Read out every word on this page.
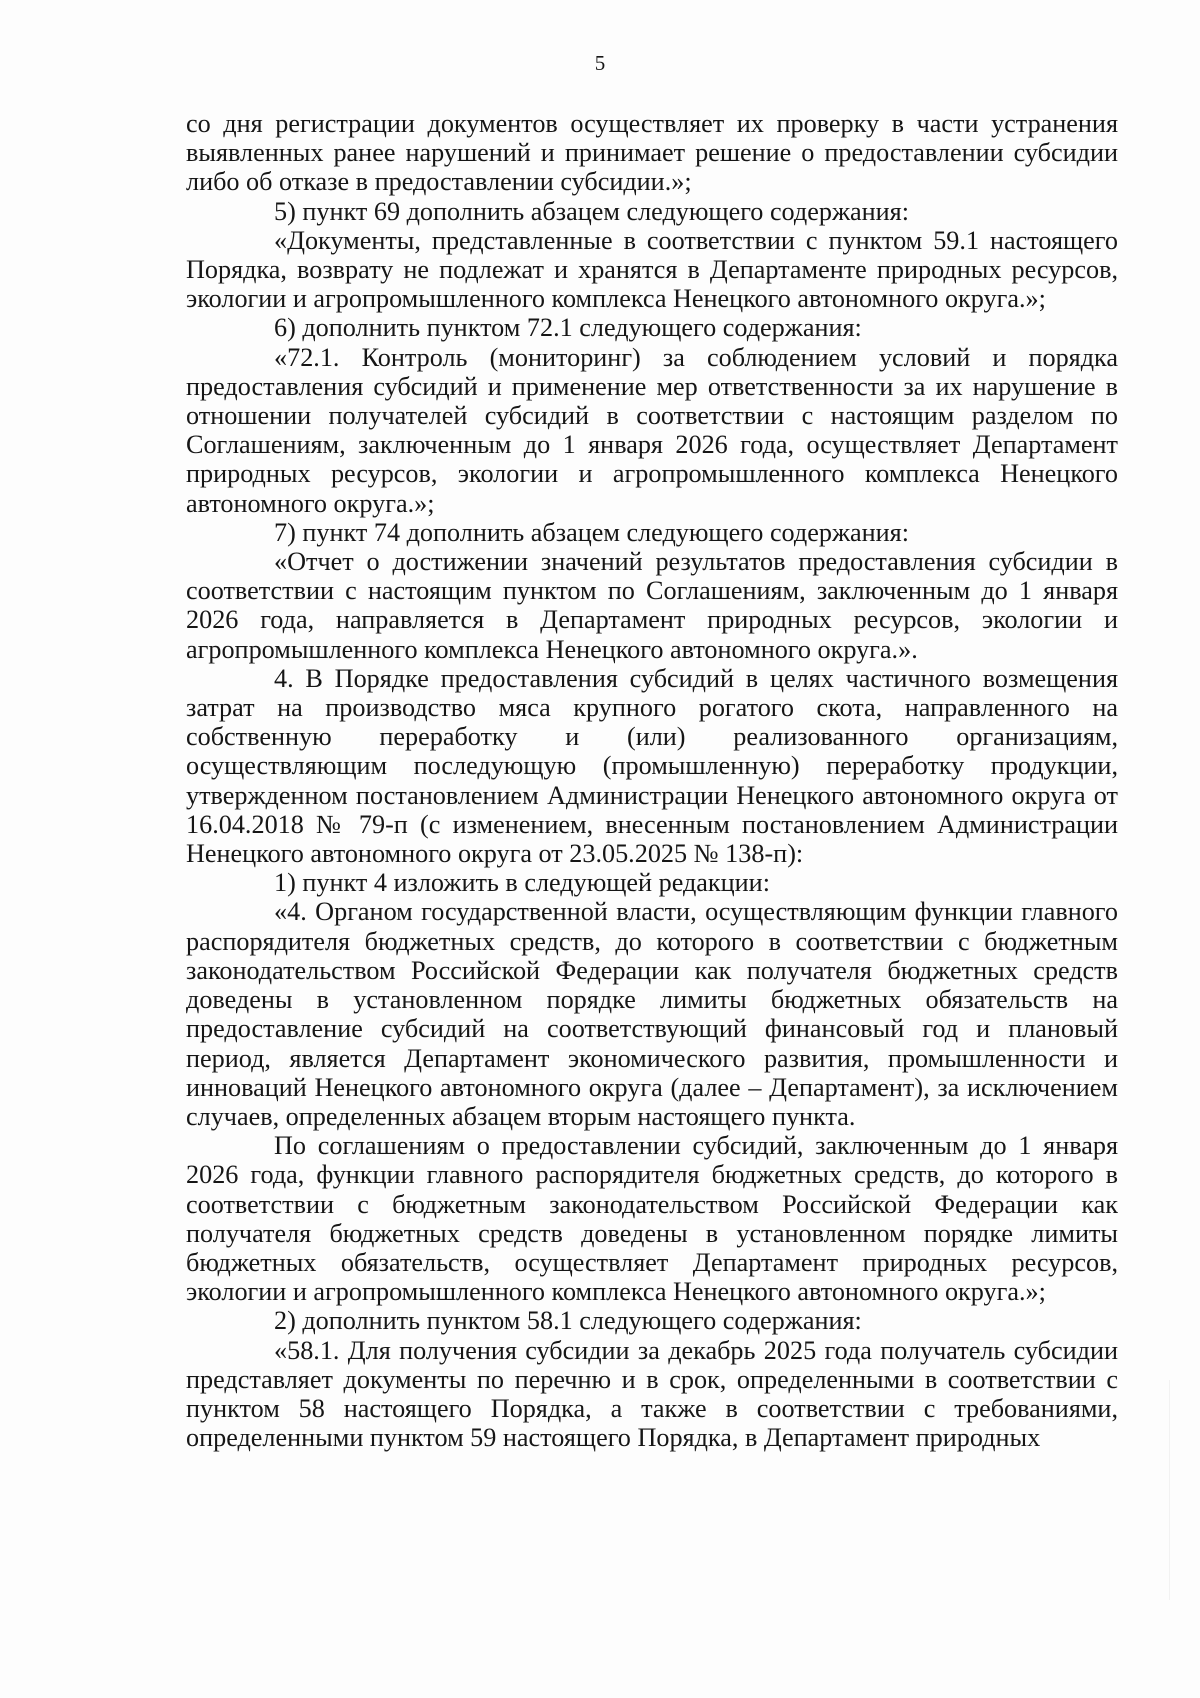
5

со дня регистрации документов осуществляет их проверку в части устранения выявленных ранее нарушений и принимает решение о предоставлении субсидии либо об отказе в предоставлении субсидии.»;

5) пункт 69 дополнить абзацем следующего содержания:

«Документы, представленные в соответствии с пунктом 59.1 настоящего Порядка, возврату не подлежат и хранятся в Департаменте природных ресурсов, экологии и агропромышленного комплекса Ненецкого автономного округа.»;

6) дополнить пунктом 72.1 следующего содержания:

«72.1. Контроль (мониторинг) за соблюдением условий и порядка предоставления субсидий и применение мер ответственности за их нарушение в отношении получателей субсидий в соответствии с настоящим разделом по Соглашениям, заключенным до 1 января 2026 года, осуществляет Департамент природных ресурсов, экологии и агропромышленного комплекса Ненецкого автономного округа.»;

7) пункт 74 дополнить абзацем следующего содержания:

«Отчет о достижении значений результатов предоставления субсидии в соответствии с настоящим пунктом по Соглашениям, заключенным до 1 января 2026 года, направляется в Департамент природных ресурсов, экологии и агропромышленного комплекса Ненецкого автономного округа.».

4. В Порядке предоставления субсидий в целях частичного возмещения затрат на производство мяса крупного рогатого скота, направленного на собственную переработку и (или) реализованного организациям, осуществляющим последующую (промышленную) переработку продукции, утвержденном постановлением Администрации Ненецкого автономного округа от 16.04.2018 № 79-п (с изменением, внесенным постановлением Администрации Ненецкого автономного округа от 23.05.2025 № 138-п):

1) пункт 4 изложить в следующей редакции:

«4. Органом государственной власти, осуществляющим функции главного распорядителя бюджетных средств, до которого в соответствии с бюджетным законодательством Российской Федерации как получателя бюджетных средств доведены в установленном порядке лимиты бюджетных обязательств на предоставление субсидий на соответствующий финансовый год и плановый период, является Департамент экономического развития, промышленности и инноваций Ненецкого автономного округа (далее – Департамент), за исключением случаев, определенных абзацем вторым настоящего пункта.

По соглашениям о предоставлении субсидий, заключенным до 1 января 2026 года, функции главного распорядителя бюджетных средств, до которого в соответствии с бюджетным законодательством Российской Федерации как получателя бюджетных средств доведены в установленном порядке лимиты бюджетных обязательств, осуществляет Департамент природных ресурсов, экологии и агропромышленного комплекса Ненецкого автономного округа.»;

2) дополнить пунктом 58.1 следующего содержания:

«58.1. Для получения субсидии за декабрь 2025 года получатель субсидии представляет документы по перечню и в срок, определенными в соответствии с пунктом 58 настоящего Порядка, а также в соответствии с требованиями, определенными пунктом 59 настоящего Порядка, в Департамент природных
